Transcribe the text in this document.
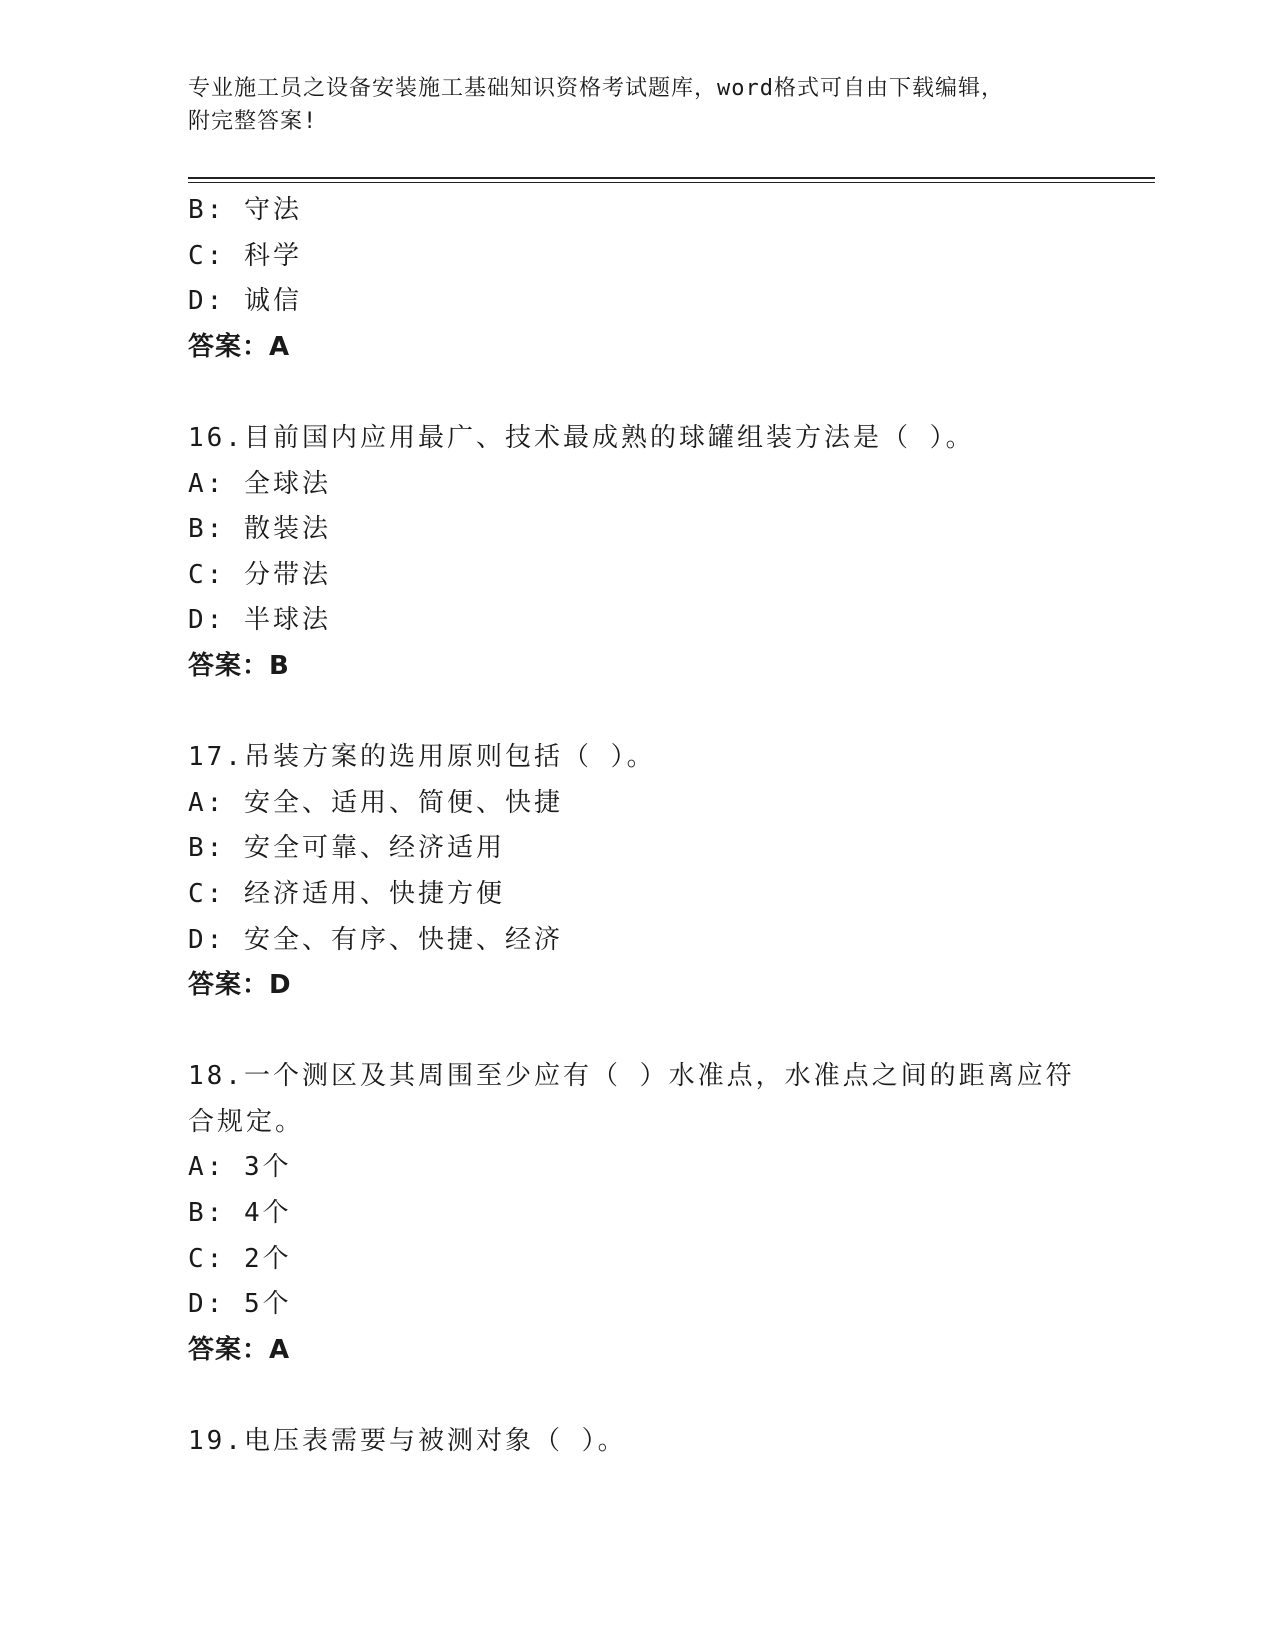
专业施工员之设备安装施工基础知识资格考试题库，word格式可自由下载编辑，
附完整答案!
B: 守法
C: 科学
D: 诚信
答案：A
16.目前国内应用最广、技术最成熟的球罐组装方法是（ ）。
A: 全球法
B: 散装法
C: 分带法
D: 半球法
答案：B
17.吊装方案的选用原则包括（ ）。
A: 安全、适用、简便、快捷
B: 安全可靠、经济适用
C: 经济适用、快捷方便
D: 安全、有序、快捷、经济
答案：D
18.一个测区及其周围至少应有（ ）水准点，水准点之间的距离应符
合规定。
A: 3个
B: 4个
C: 2个
D: 5个
答案：A
19.电压表需要与被测对象（ ）。
